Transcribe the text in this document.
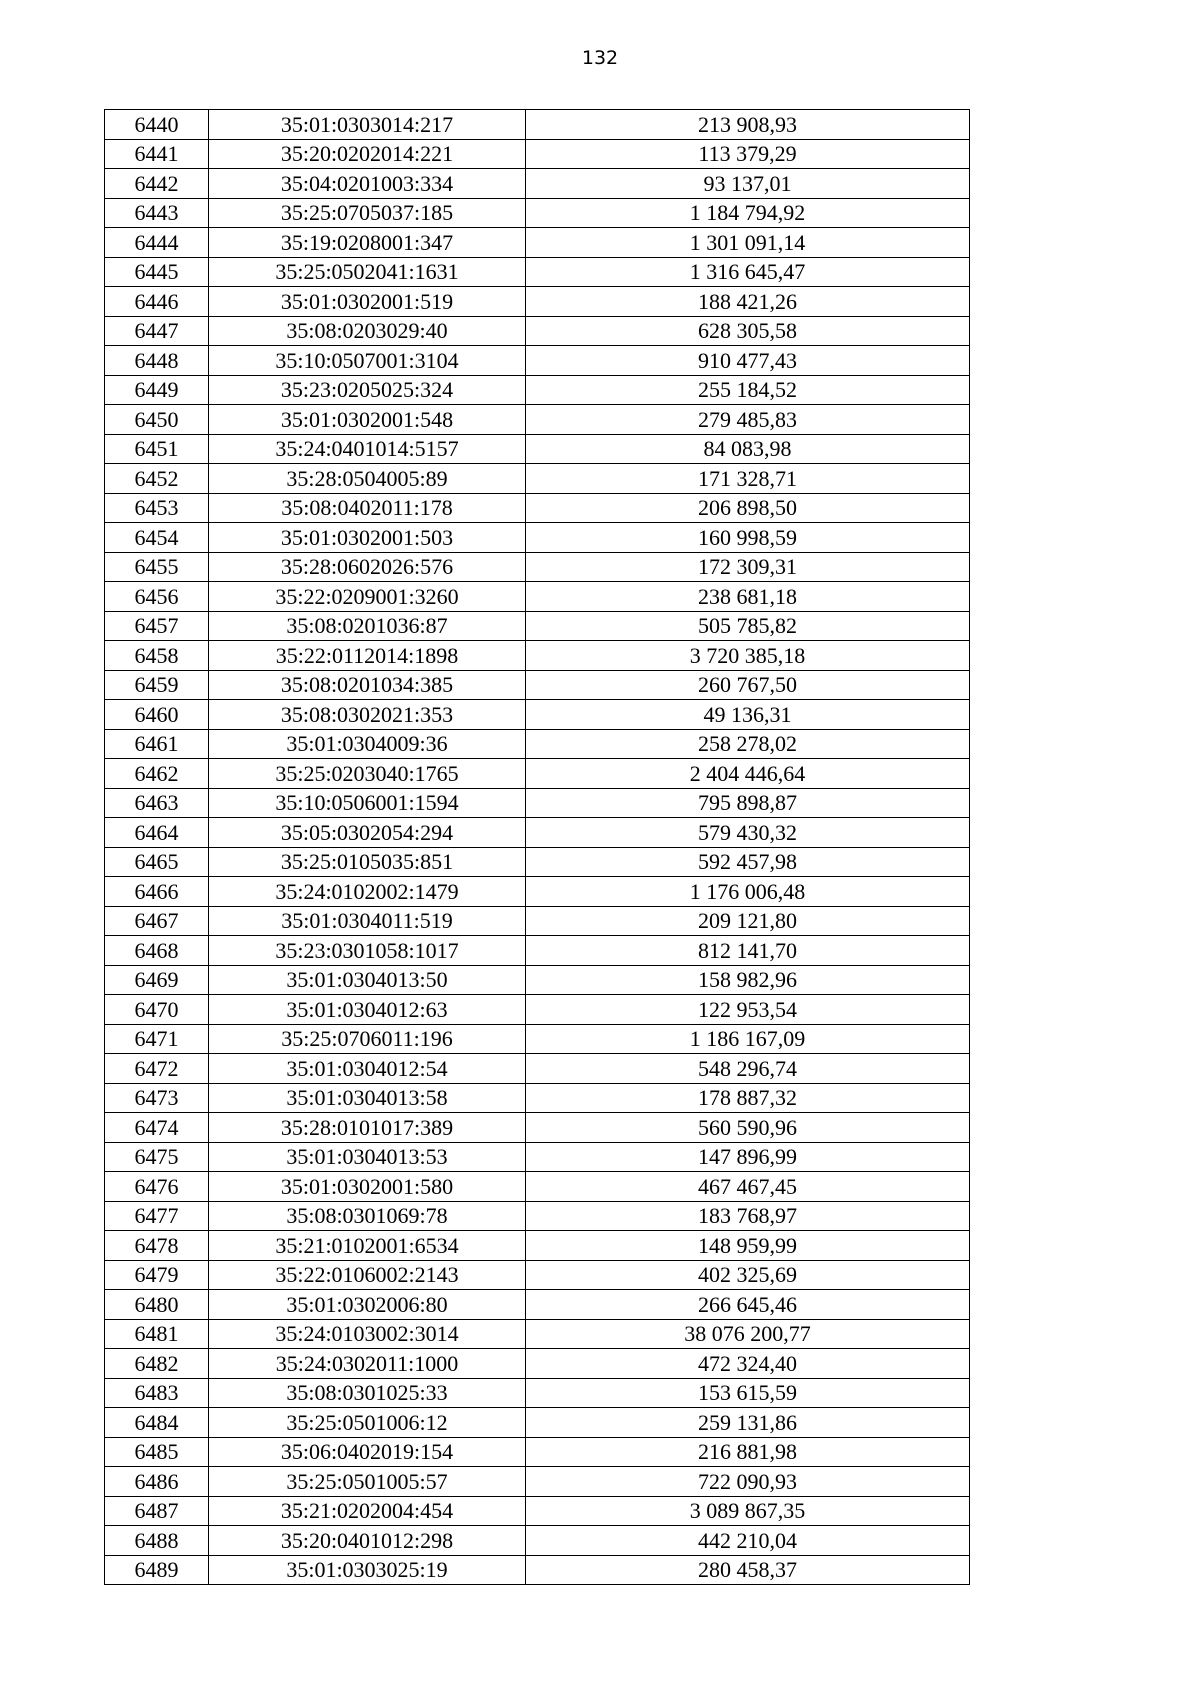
132
6440	35:01:0303014:217	213 908,93
6441	35:20:0202014:221	113 379,29
6442	35:04:0201003:334	93 137,01
6443	35:25:0705037:185	1 184 794,92
6444	35:19:0208001:347	1 301 091,14
6445	35:25:0502041:1631	1 316 645,47
6446	35:01:0302001:519	188 421,26
6447	35:08:0203029:40	628 305,58
6448	35:10:0507001:3104	910 477,43
6449	35:23:0205025:324	255 184,52
6450	35:01:0302001:548	279 485,83
6451	35:24:0401014:5157	84 083,98
6452	35:28:0504005:89	171 328,71
6453	35:08:0402011:178	206 898,50
6454	35:01:0302001:503	160 998,59
6455	35:28:0602026:576	172 309,31
6456	35:22:0209001:3260	238 681,18
6457	35:08:0201036:87	505 785,82
6458	35:22:0112014:1898	3 720 385,18
6459	35:08:0201034:385	260 767,50
6460	35:08:0302021:353	49 136,31
6461	35:01:0304009:36	258 278,02
6462	35:25:0203040:1765	2 404 446,64
6463	35:10:0506001:1594	795 898,87
6464	35:05:0302054:294	579 430,32
6465	35:25:0105035:851	592 457,98
6466	35:24:0102002:1479	1 176 006,48
6467	35:01:0304011:519	209 121,80
6468	35:23:0301058:1017	812 141,70
6469	35:01:0304013:50	158 982,96
6470	35:01:0304012:63	122 953,54
6471	35:25:0706011:196	1 186 167,09
6472	35:01:0304012:54	548 296,74
6473	35:01:0304013:58	178 887,32
6474	35:28:0101017:389	560 590,96
6475	35:01:0304013:53	147 896,99
6476	35:01:0302001:580	467 467,45
6477	35:08:0301069:78	183 768,97
6478	35:21:0102001:6534	148 959,99
6479	35:22:0106002:2143	402 325,69
6480	35:01:0302006:80	266 645,46
6481	35:24:0103002:3014	38 076 200,77
6482	35:24:0302011:1000	472 324,40
6483	35:08:0301025:33	153 615,59
6484	35:25:0501006:12	259 131,86
6485	35:06:0402019:154	216 881,98
6486	35:25:0501005:57	722 090,93
6487	35:21:0202004:454	3 089 867,35
6488	35:20:0401012:298	442 210,04
6489	35:01:0303025:19	280 458,37
